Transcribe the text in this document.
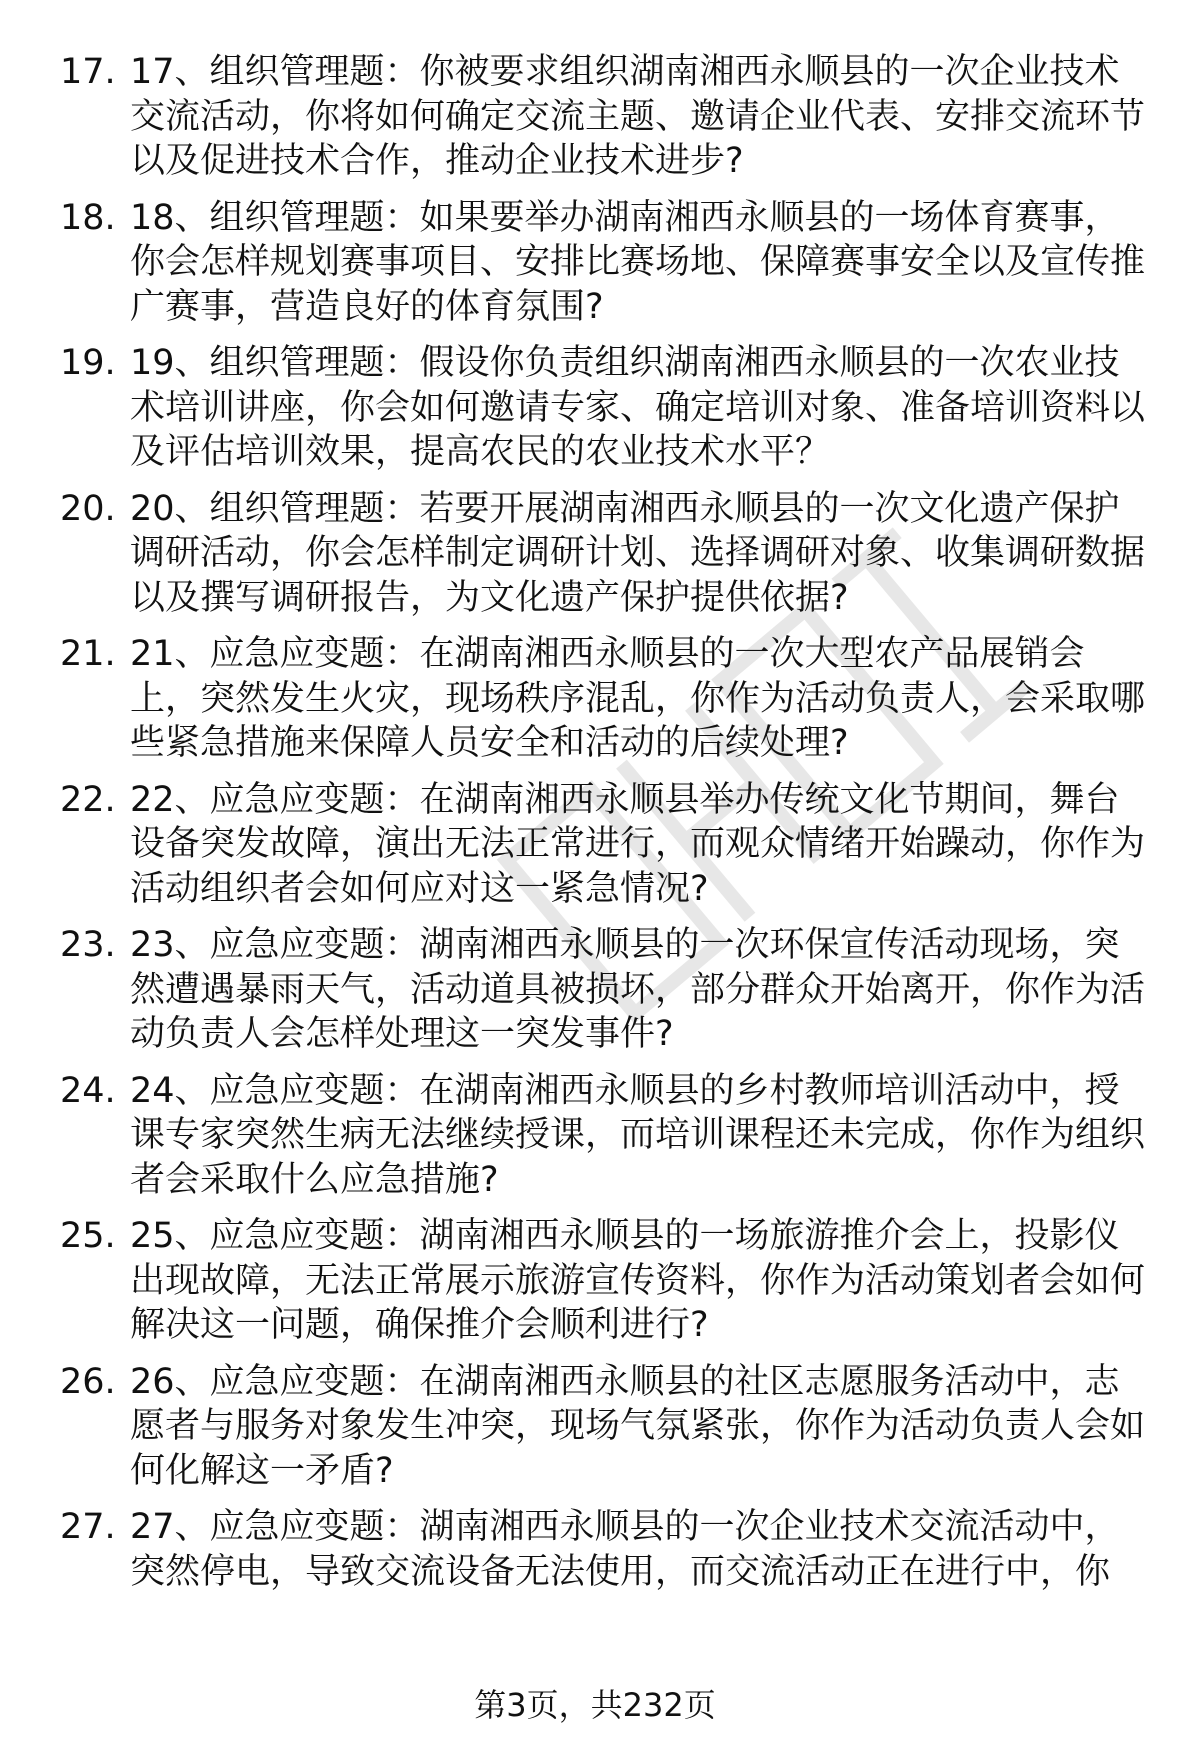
17. 17、组织管理题：你被要求组织湖南湘西永顺县的一次企业技术交流活动，你将如何确定交流主题、邀请企业代表、安排交流环节以及促进技术合作，推动企业技术进步?
18. 18、组织管理题：如果要举办湖南湘西永顺县的一场体育赛事，你会怎样规划赛事项目、安排比赛场地、保障赛事安全以及宣传推广赛事，营造良好的体育氛围?
19. 19、组织管理题：假设你负责组织湖南湘西永顺县的一次农业技术培训讲座，你会如何邀请专家、确定培训对象、准备培训资料以及评估培训效果，提高农民的农业技术水平？
20. 20、组织管理题：若要开展湖南湘西永顺县的一次文化遗产保护调研活动，你会怎样制定调研计划、选择调研对象、收集调研数据以及撰写调研报告，为文化遗产保护提供依据?
21. 21、应急应变题：在湖南湘西永顺县的一次大型农产品展销会上，突然发生火灾，现场秩序混乱，你作为活动负责人，会采取哪些紧急措施来保障人员安全和活动的后续处理?
22. 22、应急应变题：在湖南湘西永顺县举办传统文化节期间，舞台设备突发故障，演出无法正常进行，而观众情绪开始躁动，你作为活动组织者会如何应对这一紧急情况?
23. 23、应急应变题：湖南湘西永顺县的一次环保宣传活动现场，突然遭遇暴雨天气，活动道具被损坏，部分群众开始离开，你作为活动负责人会怎样处理这一突发事件?
24. 24、应急应变题：在湖南湘西永顺县的乡村教师培训活动中，授课专家突然生病无法继续授课，而培训课程还未完成，你作为组织者会采取什么应急措施?
25. 25、应急应变题：湖南湘西永顺县的一场旅游推介会上，投影仪出现故障，无法正常展示旅游宣传资料，你作为活动策划者会如何解决这一问题，确保推介会顺利进行?
26. 26、应急应变题：在湖南湘西永顺县的社区志愿服务活动中，志愿者与服务对象发生冲突，现场气氛紧张，你作为活动负责人会如何化解这一矛盾?
27. 27、应急应变题：湖南湘西永顺县的一次企业技术交流活动中，突然停电，导致交流设备无法使用，而交流活动正在进行中，你
第3页，共232页
